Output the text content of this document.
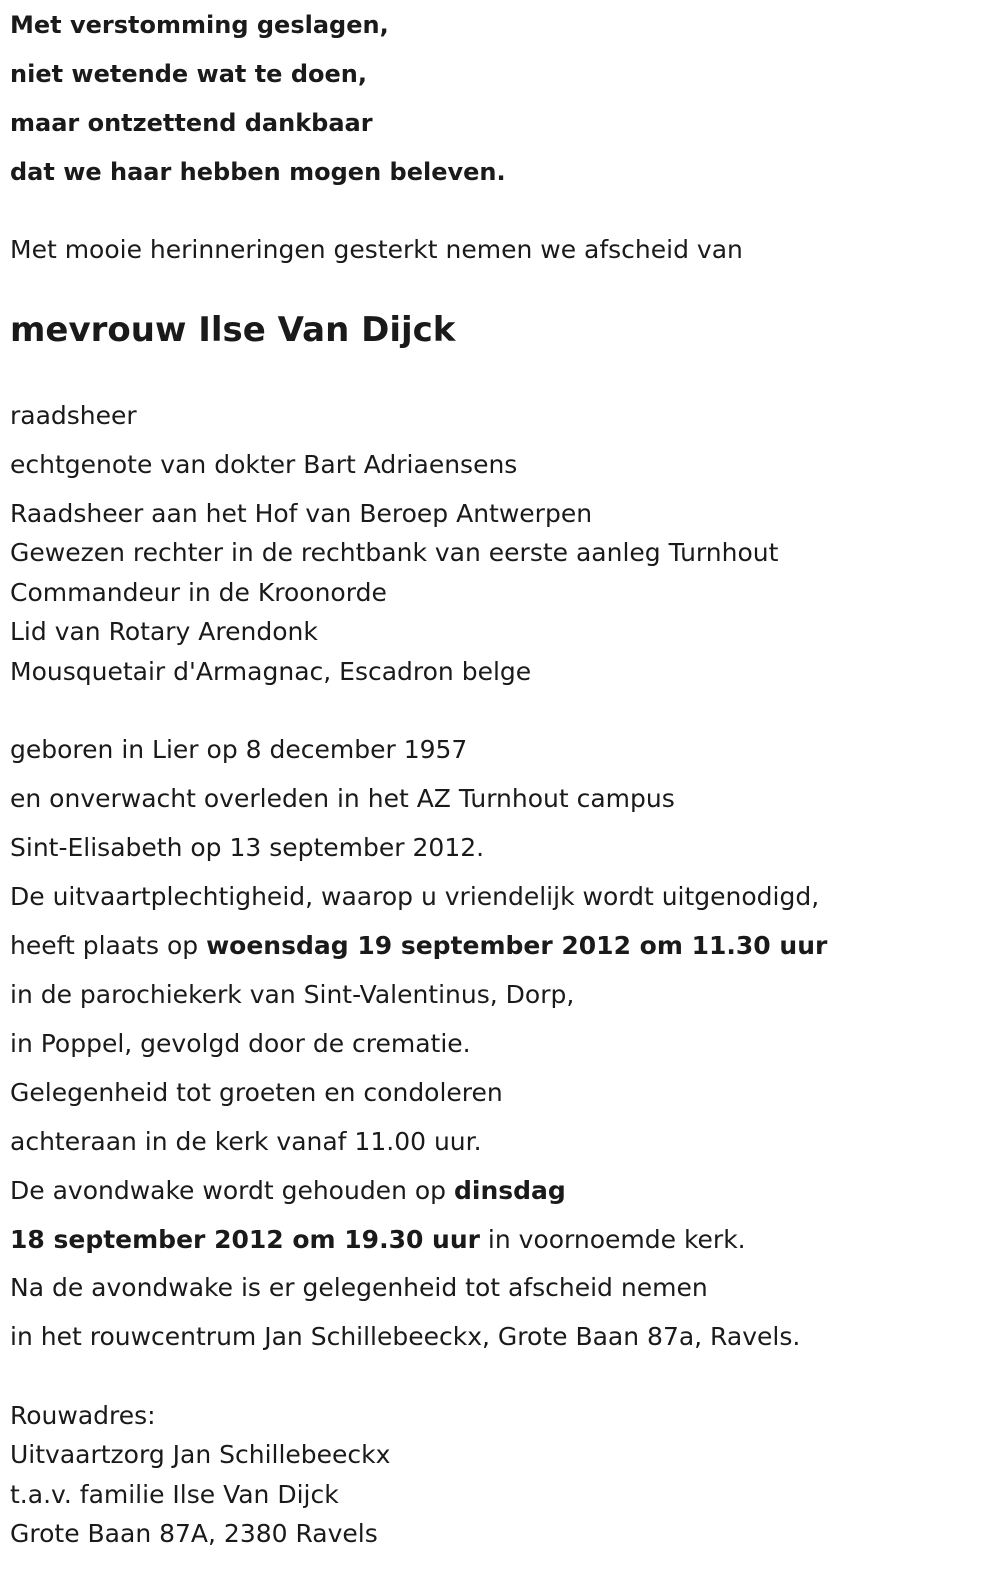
Met verstomming geslagen,
niet wetende wat te doen,
maar ontzettend dankbaar
dat we haar hebben mogen beleven.
Met mooie herinneringen gesterkt nemen we afscheid van
mevrouw Ilse Van Dijck
raadsheer
echtgenote van dokter Bart Adriaensens
Raadsheer aan het Hof van Beroep Antwerpen
Gewezen rechter in de rechtbank van eerste aanleg Turnhout
Commandeur in de Kroonorde
Lid van Rotary Arendonk
Mousquetair d'Armagnac, Escadron belge
geboren in Lier op 8 december 1957
en onverwacht overleden in het AZ Turnhout campus
Sint-Elisabeth op 13 september 2012.
De uitvaartplechtigheid, waarop u vriendelijk wordt uitgenodigd,
heeft plaats op woensdag 19 september 2012 om 11.30 uur
in de parochiekerk van Sint-Valentinus, Dorp,
in Poppel, gevolgd door de crematie.
Gelegenheid tot groeten en condoleren
achteraan in de kerk vanaf 11.00 uur.
De avondwake wordt gehouden op dinsdag
18 september 2012 om 19.30 uur in voornoemde kerk.
Na de avondwake is er gelegenheid tot afscheid nemen
in het rouwcentrum Jan Schillebeeckx, Grote Baan 87a, Ravels.
Rouwadres:
Uitvaartzorg Jan Schillebeeckx
t.a.v. familie Ilse Van Dijck
Grote Baan 87A, 2380 Ravels
